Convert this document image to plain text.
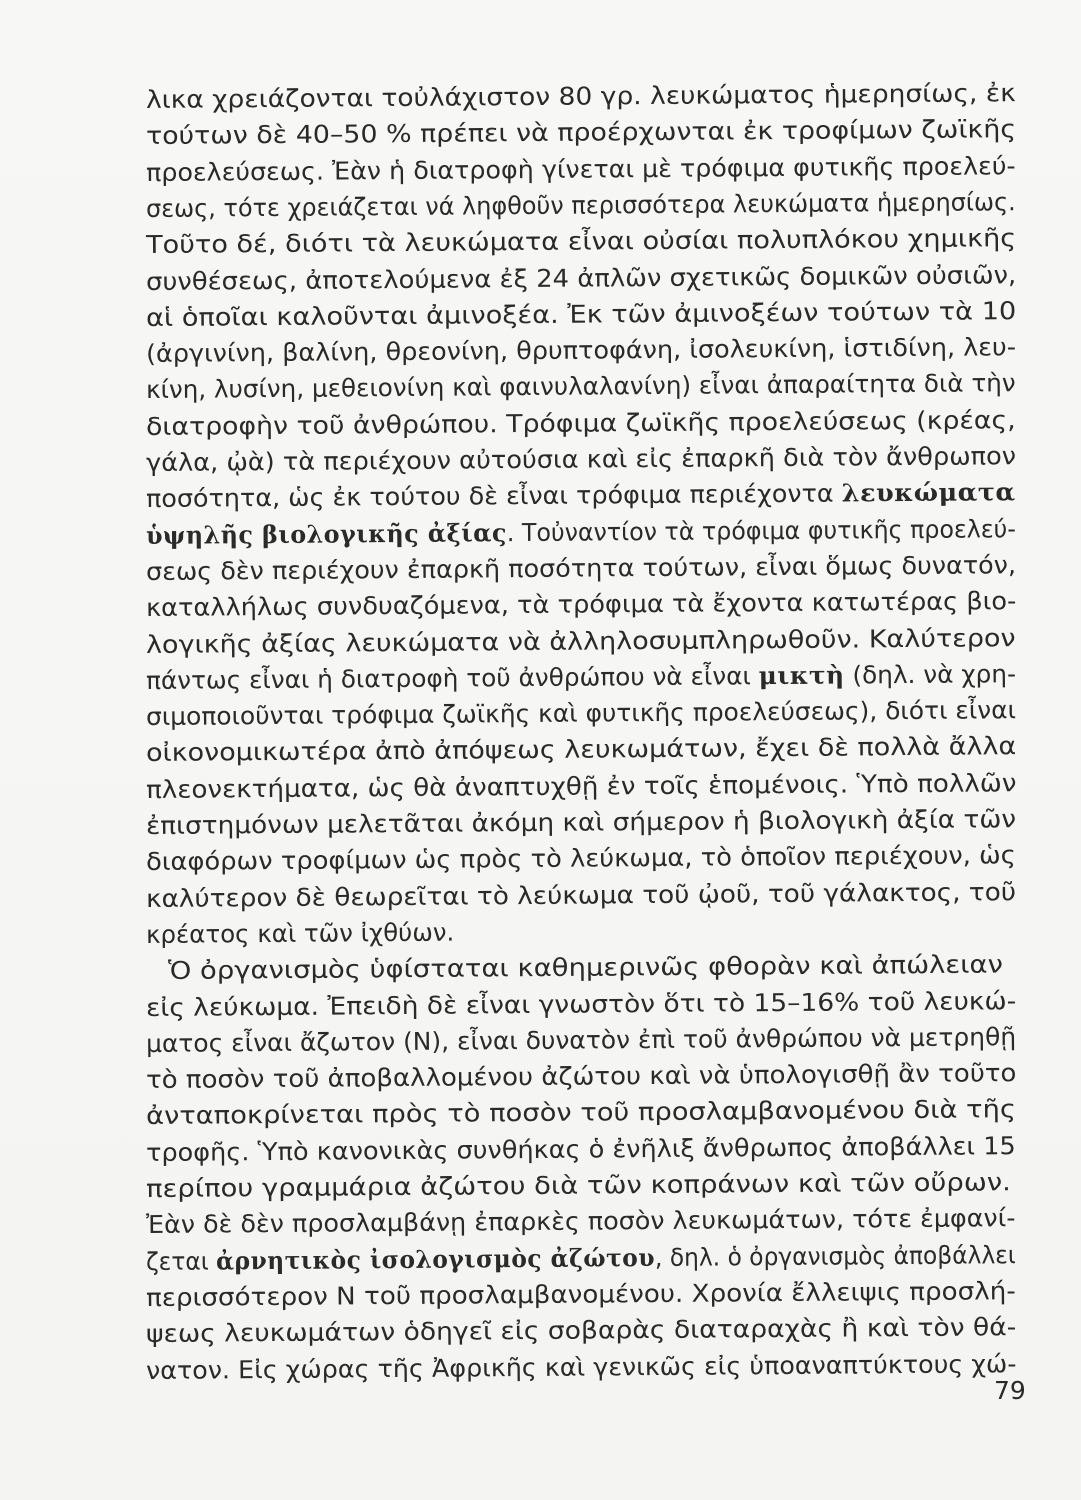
λικα χρειάζονται τοὐλάχιστον 80 γρ. λευκώματος ἡμερησίως, ἐκ
τούτων δὲ 40–50 % πρέπει νὰ προέρχωνται ἐκ τροφίμων ζωϊκῆς
προελεύσεως. Ἐὰν ἡ διατροφὴ γίνεται μὲ τρόφιμα φυτικῆς προελεύ-
σεως, τότε χρειάζεται νά ληφθοῦν περισσότερα λευκώματα ἡμερησίως.
Τοῦτο δέ, διότι τὰ λευκώματα εἶναι οὐσίαι πολυπλόκου χημικῆς
συνθέσεως, ἀποτελούμενα ἐξ 24 ἀπλῶν σχετικῶς δομικῶν οὐσιῶν,
αἱ ὁποῖαι καλοῦνται ἀμινοξέα. Ἐκ τῶν ἀμινοξέων τούτων τὰ 10
(ἀργινίνη, βαλίνη, θρεονίνη, θρυπτοφάνη, ἰσολευκίνη, ἱστιδίνη, λευ-
κίνη, λυσίνη, μεθειονίνη καὶ φαινυλαλανίνη) εἶναι ἀπαραίτητα διὰ τὴν
διατροφὴν τοῦ ἀνθρώπου. Τρόφιμα ζωϊκῆς προελεύσεως (κρέας,
γάλα, ᾠὰ) τὰ περιέχουν αὐτούσια καὶ εἰς ἐπαρκῆ διὰ τὸν ἄνθρωπον
ποσότητα, ὡς ἐκ τούτου δὲ εἶναι τρόφιμα περιέχοντα λευκώματα
ὑψηλῆς βιολογικῆς ἀξίας. Τοὐναντίον τὰ τρόφιμα φυτικῆς προελεύ-
σεως δὲν περιέχουν ἐπαρκῆ ποσότητα τούτων, εἶναι ὅμως δυνατόν,
καταλλήλως συνδυαζόμενα, τὰ τρόφιμα τὰ ἔχοντα κατωτέρας βιο-
λογικῆς ἀξίας λευκώματα νὰ ἀλληλοσυμπληρωθοῦν. Καλύτερον
πάντως εἶναι ἡ διατροφὴ τοῦ ἀνθρώπου νὰ εἶναι μικτὴ (δηλ. νὰ χρη-
σιμοποιοῦνται τρόφιμα ζωϊκῆς καὶ φυτικῆς προελεύσεως), διότι εἶναι
οἰκονομικωτέρα ἀπὸ ἀπόψεως λευκωμάτων, ἔχει δὲ πολλὰ ἄλλα
πλεονεκτήματα, ὡς θὰ ἀναπτυχθῇ ἐν τοῖς ἑπομένοις. Ὑπὸ πολλῶν
ἐπιστημόνων μελετᾶται ἀκόμη καὶ σήμερον ἡ βιολογικὴ ἀξία τῶν
διαφόρων τροφίμων ὡς πρὸς τὸ λεύκωμα, τὸ ὁποῖον περιέχουν, ὡς
καλύτερον δὲ θεωρεῖται τὸ λεύκωμα τοῦ ᾠοῦ, τοῦ γάλακτος, τοῦ
κρέατος καὶ τῶν ἰχθύων.
Ὁ ὀργανισμὸς ὑφίσταται καθημερινῶς φθορὰν καὶ ἀπώλειαν
εἰς λεύκωμα. Ἐπειδὴ δὲ εἶναι γνωστὸν ὅτι τὸ 15–16% τοῦ λευκώ-
ματος εἶναι ἄζωτον (Ν), εἶναι δυνατὸν ἐπὶ τοῦ ἀνθρώπου νὰ μετρηθῇ
τὸ ποσὸν τοῦ ἀποβαλλομένου ἀζώτου καὶ νὰ ὑπολογισθῇ ἂν τοῦτο
ἀνταποκρίνεται πρὸς τὸ ποσὸν τοῦ προσλαμβανομένου διὰ τῆς
τροφῆς. Ὑπὸ κανονικὰς συνθήκας ὁ ἐνῆλιξ ἄνθρωπος ἀποβάλλει 15
περίπου γραμμάρια ἀζώτου διὰ τῶν κοπράνων καὶ τῶν οὔρων.
Ἐὰν δὲ δὲν προσλαμβάνῃ ἐπαρκὲς ποσὸν λευκωμάτων, τότε ἐμφανί-
ζεται ἀρνητικὸς ἰσολογισμὸς ἀζώτου, δηλ. ὁ ὀργανισμὸς ἀποβάλλει
περισσότερον Ν τοῦ προσλαμβανομένου. Χρονία ἔλλειψις προσλή-
ψεως λευκωμάτων ὁδηγεῖ εἰς σοβαρὰς διαταραχὰς ἢ καὶ τὸν θά-
νατον. Εἰς χώρας τῆς Ἀφρικῆς καὶ γενικῶς εἰς ὑποαναπτύκτους χώ-
79
